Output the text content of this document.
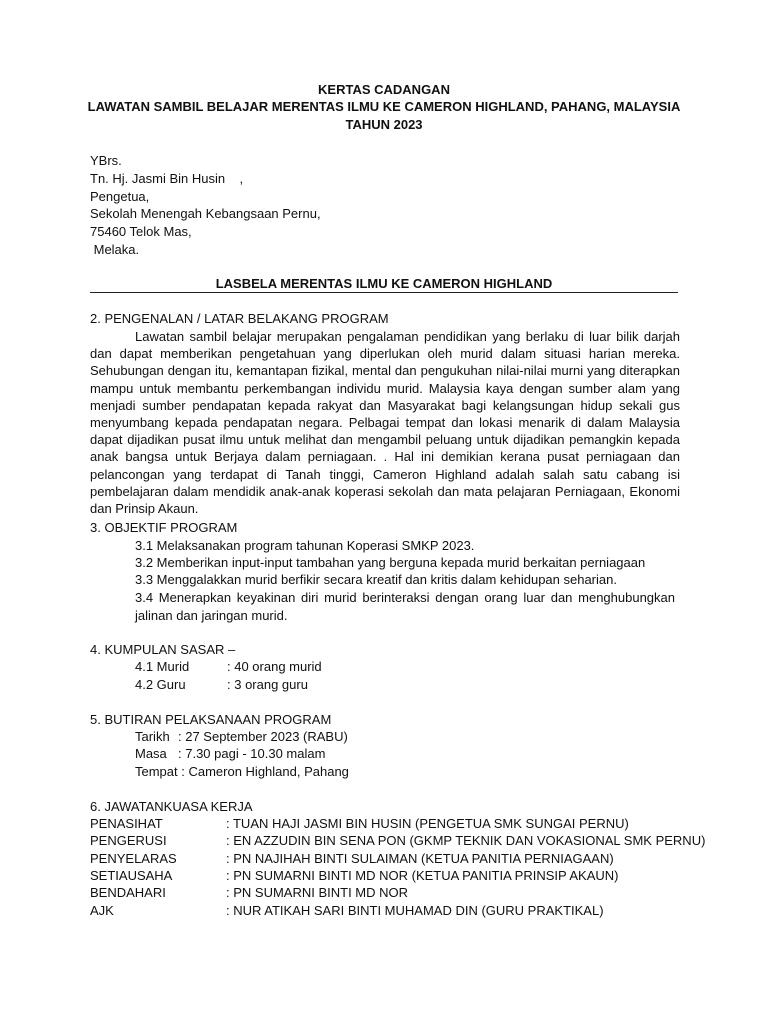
KERTAS CADANGAN
LAWATAN SAMBIL BELAJAR MERENTAS ILMU KE CAMERON HIGHLAND, PAHANG, MALAYSIA
TAHUN 2023
YBrs.
Tn. Hj. Jasmi Bin Husin    ,
Pengetua,
Sekolah Menengah Kebangsaan Pernu,
75460 Telok Mas,
Melaka.
LASBELA MERENTAS ILMU KE CAMERON HIGHLAND
2. PENGENALAN / LATAR BELAKANG PROGRAM
Lawatan sambil belajar merupakan pengalaman pendidikan yang berlaku di luar bilik darjah dan dapat memberikan pengetahuan yang diperlukan oleh murid dalam situasi harian mereka. Sehubungan dengan itu, kemantapan fizikal, mental dan pengukuhan nilai-nilai murni yang diterapkan mampu untuk membantu perkembangan individu murid. Malaysia kaya dengan sumber alam yang menjadi sumber pendapatan kepada rakyat dan Masyarakat bagi kelangsungan hidup sekali gus menyumbang kepada pendapatan negara. Pelbagai tempat dan lokasi menarik di dalam Malaysia dapat dijadikan pusat ilmu untuk melihat dan mengambil peluang untuk dijadikan pemangkin kepada anak bangsa untuk Berjaya dalam perniagaan. . Hal ini demikian kerana pusat perniagaan dan pelancongan yang terdapat di Tanah tinggi, Cameron Highland adalah salah satu cabang isi pembelajaran dalam mendidik anak-anak koperasi sekolah dan mata pelajaran Perniagaan, Ekonomi dan Prinsip Akaun.
3. OBJEKTIF PROGRAM
3.1 Melaksanakan program tahunan Koperasi SMKP 2023.
3.2 Memberikan input-input tambahan yang berguna kepada murid berkaitan perniagaan
3.3 Menggalakkan murid berfikir secara kreatif dan kritis dalam kehidupan seharian.
3.4 Menerapkan keyakinan diri murid berinteraksi dengan orang luar dan menghubungkan jalinan dan jaringan murid.
4. KUMPULAN SASAR –
4.1 Murid	: 40 orang murid
4.2 Guru	: 3 orang guru
5. BUTIRAN PELAKSANAAN PROGRAM
Tarikh : 27 September 2023 (RABU)
Masa : 7.30 pagi - 10.30 malam
Tempat : Cameron Highland, Pahang
6. JAWATANKUASA KERJA
PENASIHAT	: TUAN HAJI JASMI BIN HUSIN (PENGETUA SMK SUNGAI PERNU)
PENGERUSI	: EN AZZUDIN BIN SENA PON (GKMP TEKNIK DAN VOKASIONAL SMK PERNU)
PENYELARAS	: PN NAJIHAH BINTI SULAIMAN (KETUA PANITIA PERNIAGAAN)
SETIAUSAHA	: PN SUMARNI BINTI MD NOR (KETUA PANITIA PRINSIP AKAUN)
BENDAHARI	: PN SUMARNI BINTI MD NOR
AJK	: NUR ATIKAH SARI BINTI MUHAMAD DIN (GURU PRAKTIKAL)
